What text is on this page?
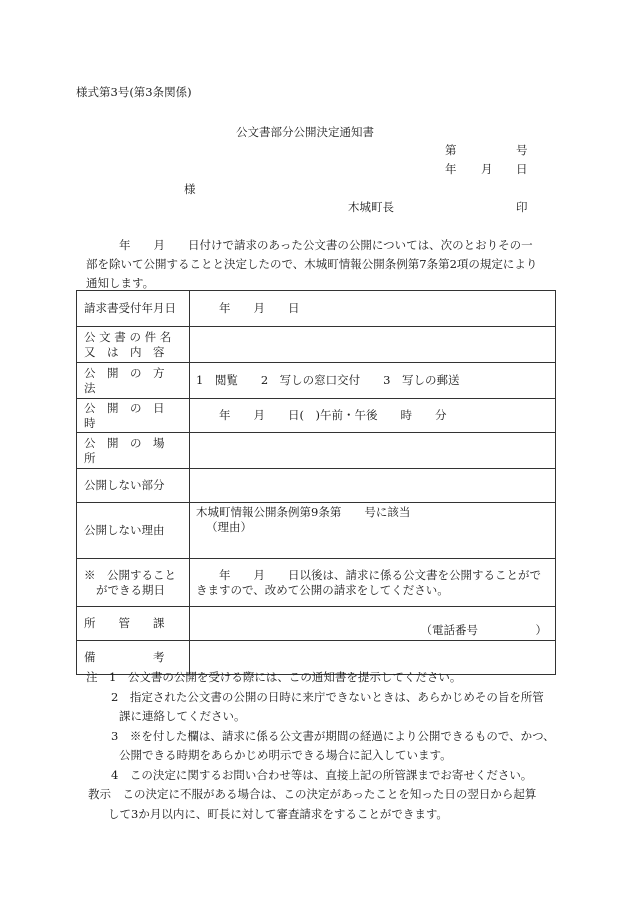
様式第3号(第3条関係)
公文書部分公開決定通知書
第	号
年 月 日
様
木城町長	印
年　　月　　日付けで請求のあった公文書の公開については、次のとおりその一
部を除いて公開することと決定したので、木城町情報公開条例第7条第2項の規定により
通知します。
請求書受付年月日	　　年　　月　　日

公 文 書 の 件 名
又　は　内　容	

公　開　の　方　法	1　閲覧　　2　写しの窓口交付　　3　写しの郵送
公　開　の　日　時	　　年　　月　　日(　)午前・午後　　時　　分
公　開　の　場　所	
公開しない部分	
公開しない理由	木城町情報公開条例第9条第　　号に該当
（理由）

※　公開すること
ができる期日	　　年　　月　　日以後は、請求に係る公文書を公開することがで
きますので、改めて公開の請求をしてください。

所　　管　　課	（電話番号　　　　　）
備　　　　　考	
注　1　公文書の公開を受ける際には、この通知書を提示してください。
2　指定された公文書の公開の日時に来庁できないときは、あらかじめその旨を所管
課に連絡してください。
3　※を付した欄は、請求に係る公文書が期間の経過により公開できるもので、かつ、
公開できる時期をあらかじめ明示できる場合に記入しています。
4　この決定に関するお問い合わせ等は、直接上記の所管課までお寄せください。
教示　この決定に不服がある場合は、この決定があったことを知った日の翌日から起算
して3か月以内に、町長に対して審査請求をすることができます。
